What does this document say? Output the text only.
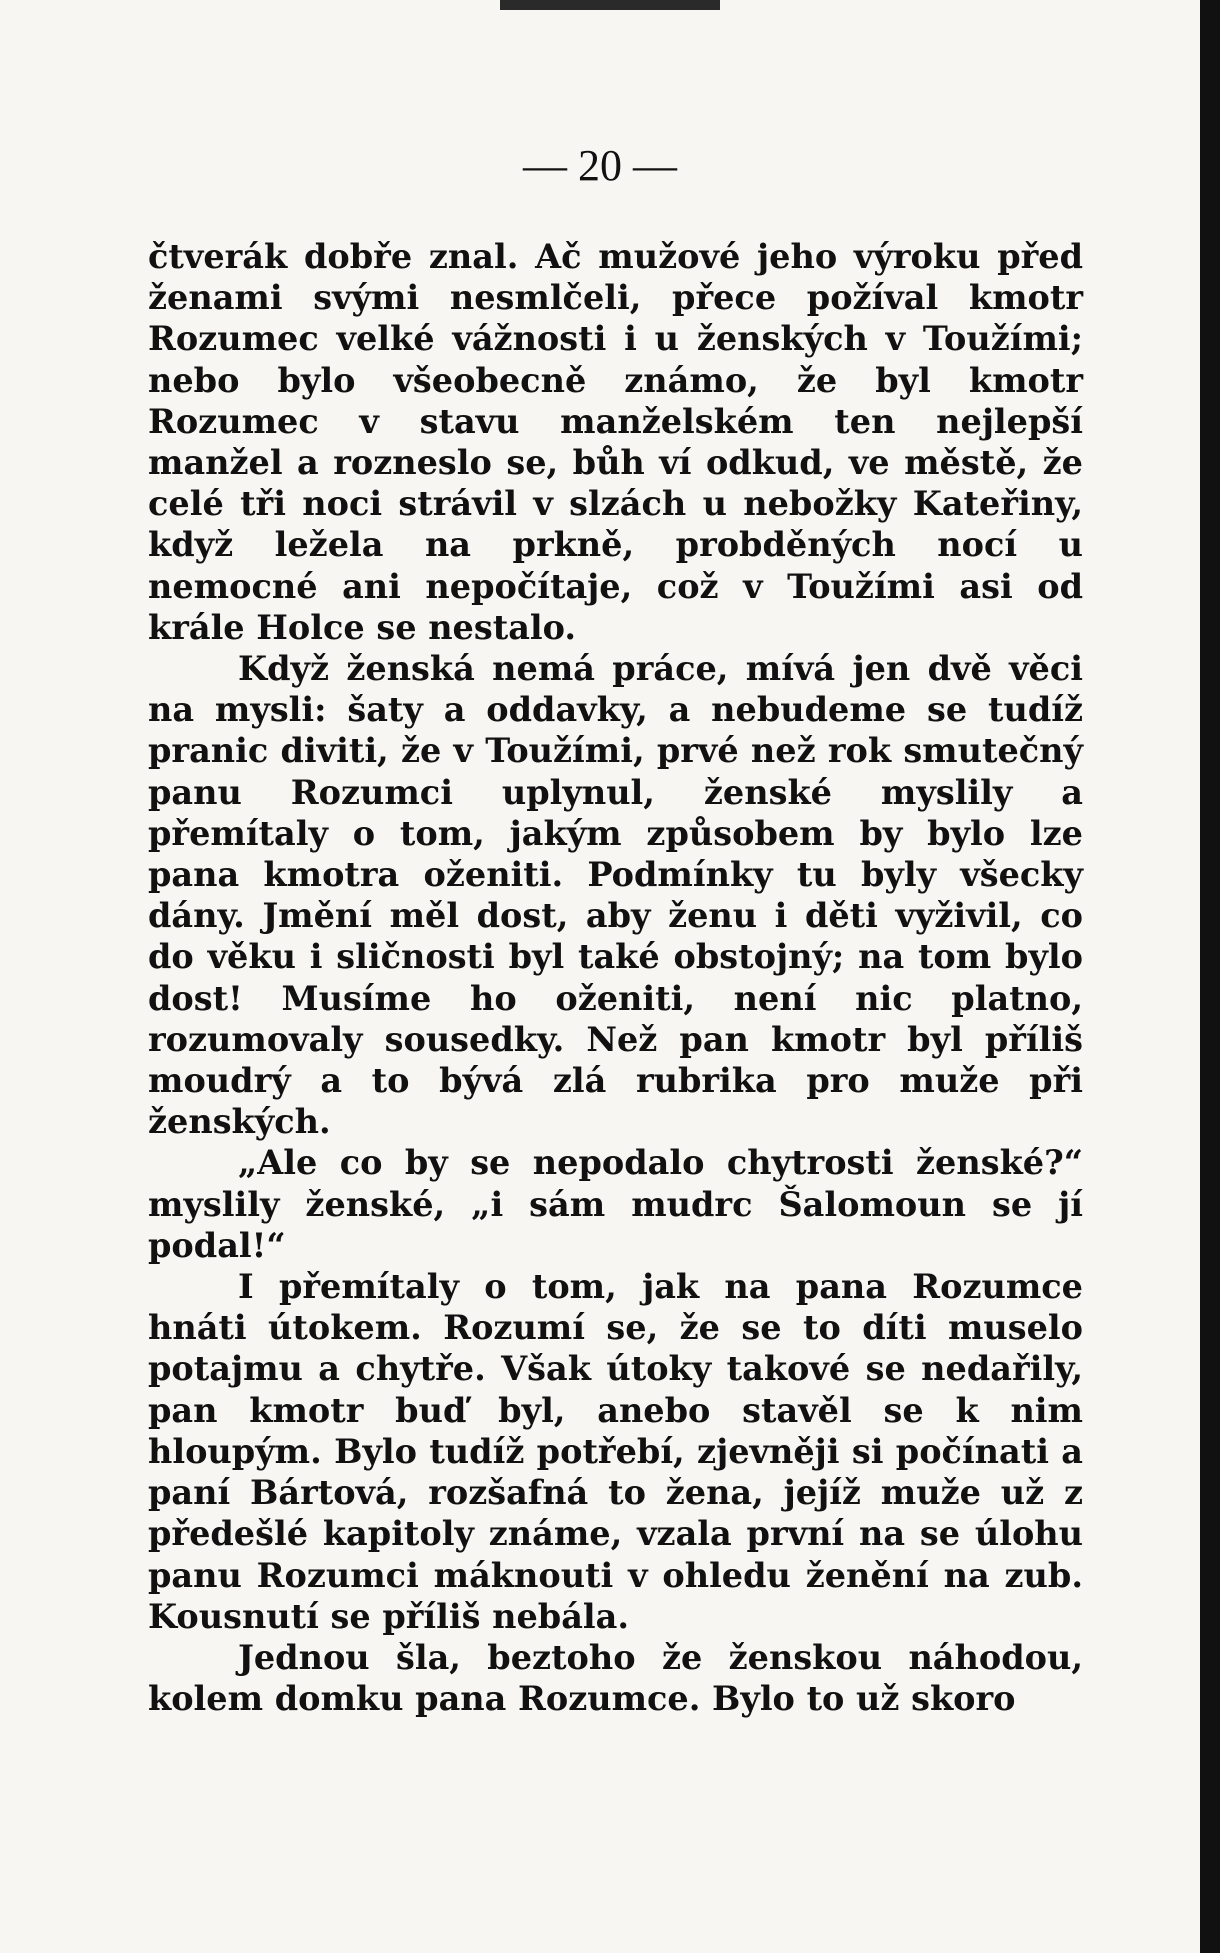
— 20 —

čtverák dobře znal. Ač mužové jeho výroku před ženami svými nesmlčeli, přece požíval kmotr Rozumec velké vážnosti i u ženských v Toužími; nebo bylo všeobecně známo, že byl kmotr Rozumec v stavu manželském ten nejlepší manžel a rozneslo se, bůh ví odkud, ve městě, že celé tři noci strávil v slzách u nebožky Kateřiny, když ležela na prkně, probděných nocí u nemocné ani nepočítaje, což v Toužími asi od krále Holce se nestalo.

Když ženská nemá práce, mívá jen dvě věci na mysli: šaty a oddavky, a nebudeme se tudíž pranic diviti, že v Toužími, prvé než rok smutečný panu Rozumci uplynul, ženské myslily a přemítaly o tom, jakým způsobem by bylo lze pana kmotra oženiti. Podmínky tu byly všecky dány. Jmění měl dost, aby ženu i děti vyživil, co do věku i sličnosti byl také obstojný; na tom bylo dost! Musíme ho oženiti, není nic platno, rozumovaly sousedky. Než pan kmotr byl příliš moudrý a to bývá zlá rubrika pro muže při ženských.

„Ale co by se nepodalo chytrosti ženské?“ myslily ženské, „i sám mudrc Šalomoun se jí podal!“

I přemítaly o tom, jak na pana Rozumce hnáti útokem. Rozumí se, že se to díti muselo potajmu a chytře. Však útoky takové se nedařily, pan kmotr buď byl, anebo stavěl se k nim hloupým. Bylo tudíž potřebí, zjevněji si počínati a paní Bártová, rozšafná to žena, jejíž muže už z předešlé kapitoly známe, vzala první na se úlohu panu Rozumci máknouti v ohledu ženění na zub. Kousnutí se příliš nebála.

Jednou šla, beztoho že ženskou náhodou, kolem domku pana Rozumce. Bylo to už skoro
